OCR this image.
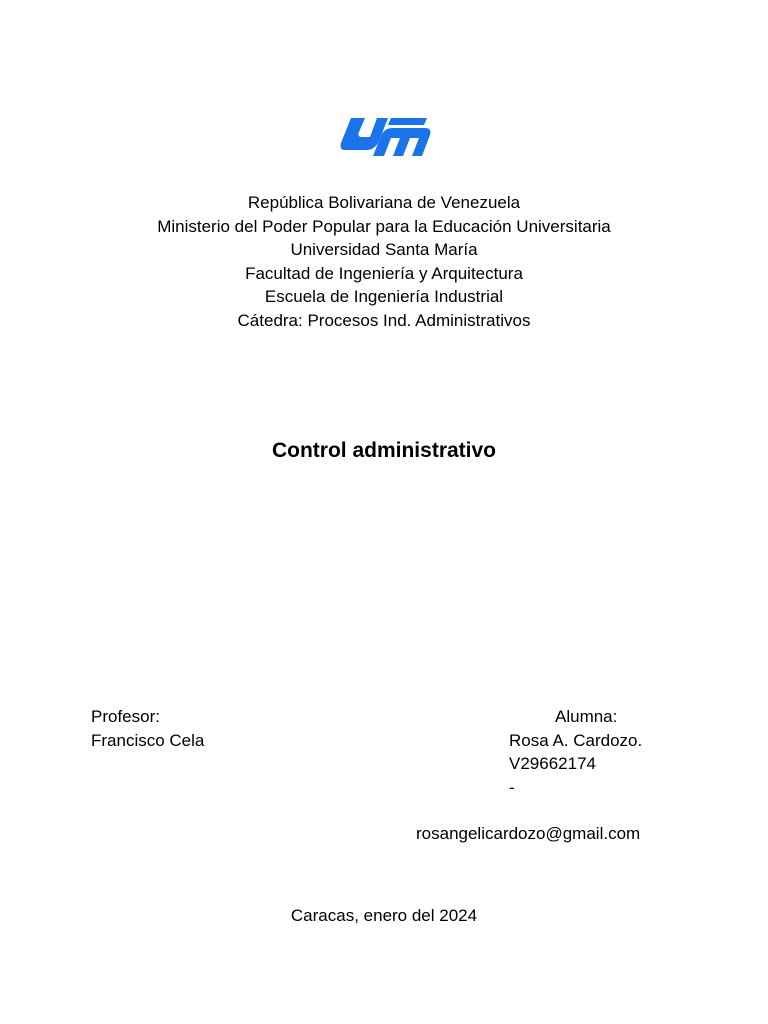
República Bolivariana de Venezuela
Ministerio del Poder Popular para la Educación Universitaria
Universidad Santa María
Facultad de Ingeniería y Arquitectura
Escuela de Ingeniería Industrial
Cátedra: Procesos Ind. Administrativos
Control administrativo
Profesor:
Francisco Cela
Alumna:
Rosa A. Cardozo.
V29662174
-
rosangelicardozo@gmail.com
Caracas, enero del 2024
